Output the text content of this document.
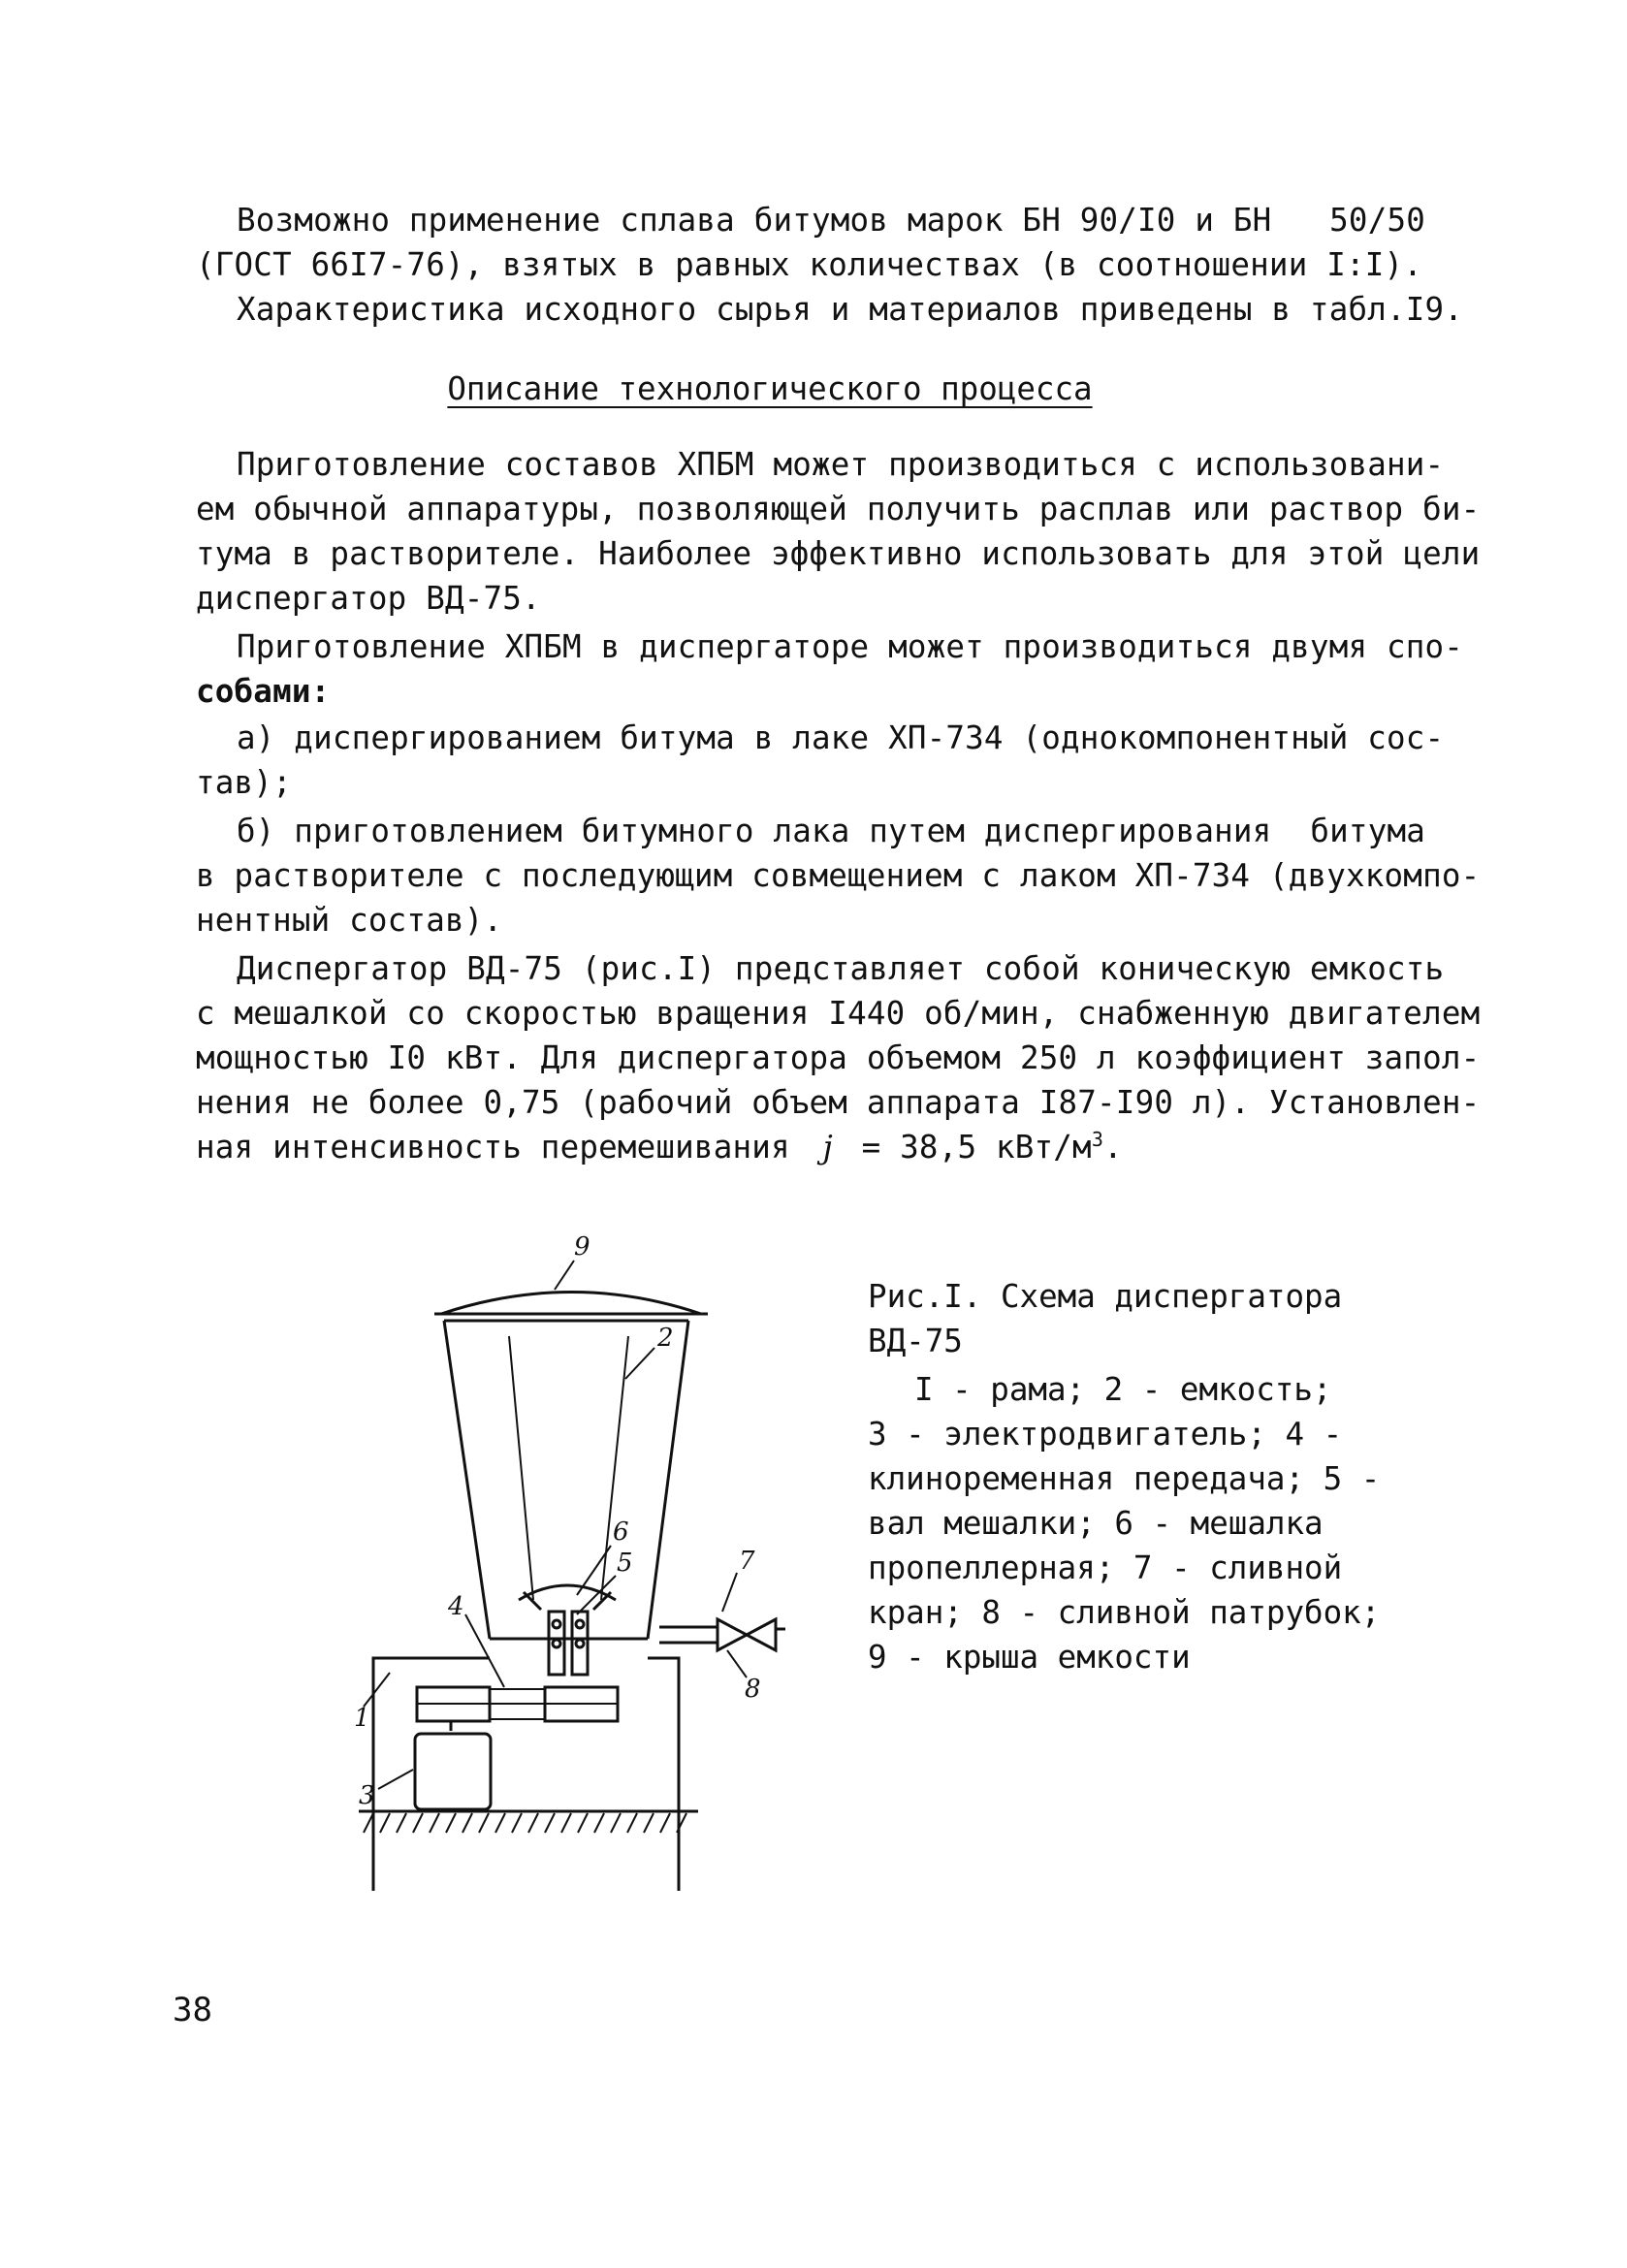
Возможно применение сплава битумов марок БН 90/I0 и БН 50/50
(ГОСТ 66I7-76), взятых в равных количествах (в соотношении I:I).
Характеристика исходного сырья и материалов приведены в табл.I9.
Описание технологического процесса
Приготовление составов ХПБМ может производиться с использовани-
ем обычной аппаратуры, позволяющей получить расплав или раствор би-
тума в растворителе. Наиболее эффективно использовать для этой цели
диспергатор ВД-75.
Приготовление ХПБМ в диспергаторе может производиться двумя спо-
собами:
а) диспергированием битума в лаке ХП-734 (однокомпонентный сос-
тав);
б) приготовлением битумного лака путем диспергирования битума
в растворителе с последующим совмещением с лаком ХП-734 (двухкомпо-
нентный состав).
Диспергатор ВД-75 (рис.I) представляет собой коническую емкость
с мешалкой со скоростью вращения I440 об/мин, снабженную двигателем
мощностью I0 кВт. Для диспергатора объемом 250 л коэффициент запол-
нения не более 0,75 (рабочий объем аппарата I87-I90 л). Установлен-
ная интенсивность перемешивания j = 38,5 кВт/$м^3$.
9
2
6
5	7
4
8
1
3
Рис.I. Схема диспергатора
ВД-75
I - рама; 2 - емкость;
3 - электродвигатель; 4 -
клиноременная передача; 5 -
вал мешалки; 6 - мешалка
пропеллерная; 7 - сливной
кран; 8 - сливной патрубок;
9 - крыша емкости
38
